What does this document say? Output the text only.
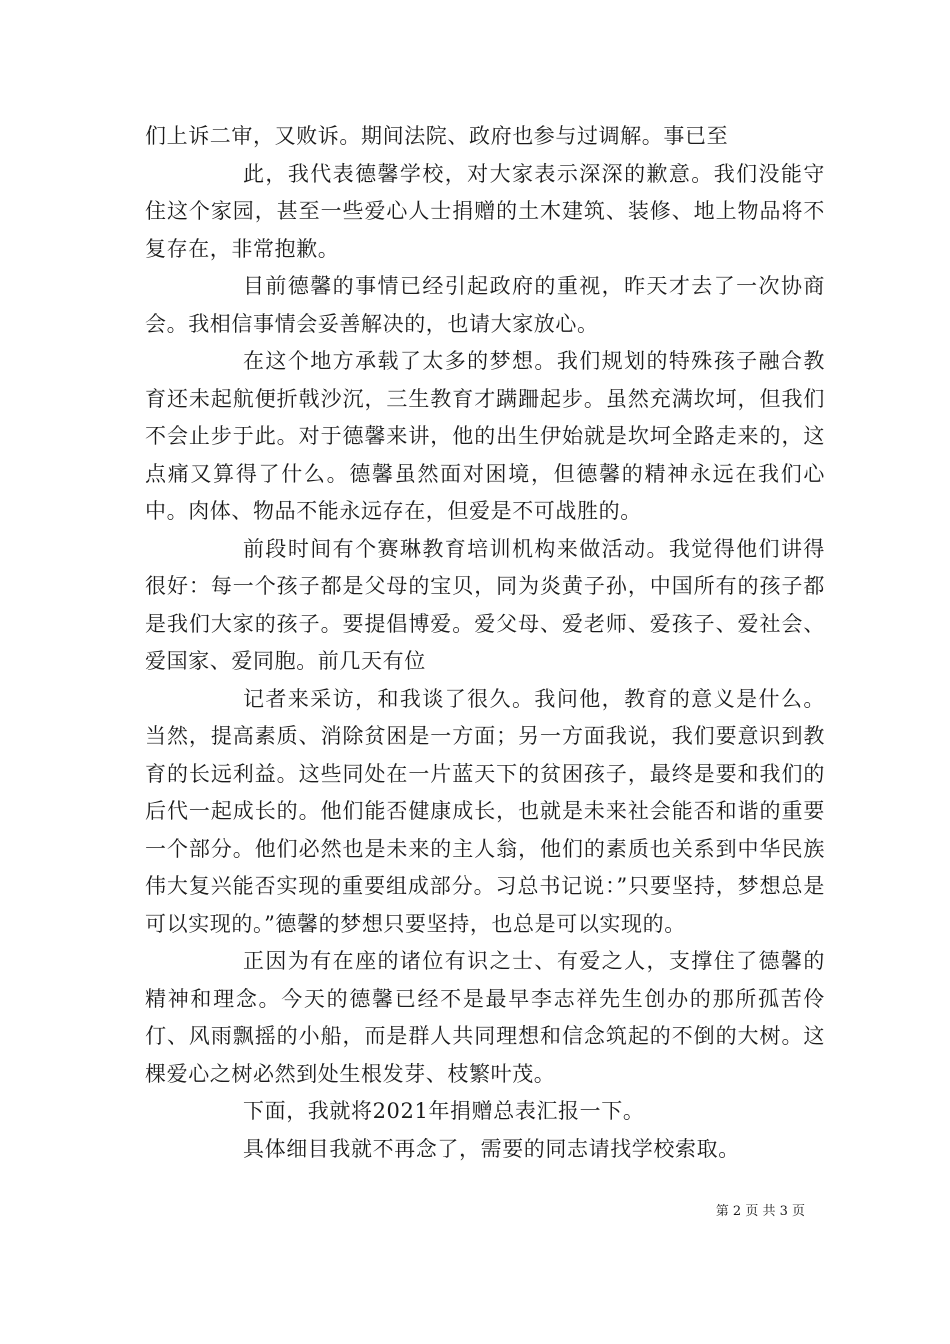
们上诉二审，又败诉。期间法院、政府也参与过调解。事已至

此，我代表德馨学校，对大家表示深深的歉意。我们没能守住这个家园，甚至一些爱心人士捐赠的土木建筑、装修、地上物品将不复存在，非常抱歉。

目前德馨的事情已经引起政府的重视，昨天才去了一次协商会。我相信事情会妥善解决的，也请大家放心。

在这个地方承载了太多的梦想。我们规划的特殊孩子融合教育还未起航便折戟沙沉，三生教育才蹒跚起步。虽然充满坎坷，但我们不会止步于此。对于德馨来讲，他的出生伊始就是坎坷全路走来的，这点痛又算得了什么。德馨虽然面对困境，但德馨的精神永远在我们心中。肉体、物品不能永远存在，但爱是不可战胜的。

前段时间有个赛琳教育培训机构来做活动。我觉得他们讲得很好：每一个孩子都是父母的宝贝，同为炎黄子孙，中国所有的孩子都是我们大家的孩子。要提倡博爱。爱父母、爱老师、爱孩子、爱社会、爱国家、爱同胞。前几天有位

记者来采访，和我谈了很久。我问他，教育的意义是什么。当然，提高素质、消除贫困是一方面；另一方面我说，我们要意识到教育的长远利益。这些同处在一片蓝天下的贫困孩子，最终是要和我们的后代一起成长的。他们能否健康成长，也就是未来社会能否和谐的重要一个部分。他们必然也是未来的主人翁，他们的素质也关系到中华民族伟大复兴能否实现的重要组成部分。习总书记说：”只要坚持，梦想总是可以实现的。”德馨的梦想只要坚持，也总是可以实现的。

正因为有在座的诸位有识之士、有爱之人，支撑住了德馨的精神和理念。今天的德馨已经不是最早李志祥先生创办的那所孤苦伶仃、风雨飘摇的小船，而是群人共同理想和信念筑起的不倒的大树。这棵爱心之树必然到处生根发芽、枝繁叶茂。

下面，我就将2021年捐赠总表汇报一下。

具体细目我就不再念了，需要的同志请找学校索取。

第 2 页 共 3 页
